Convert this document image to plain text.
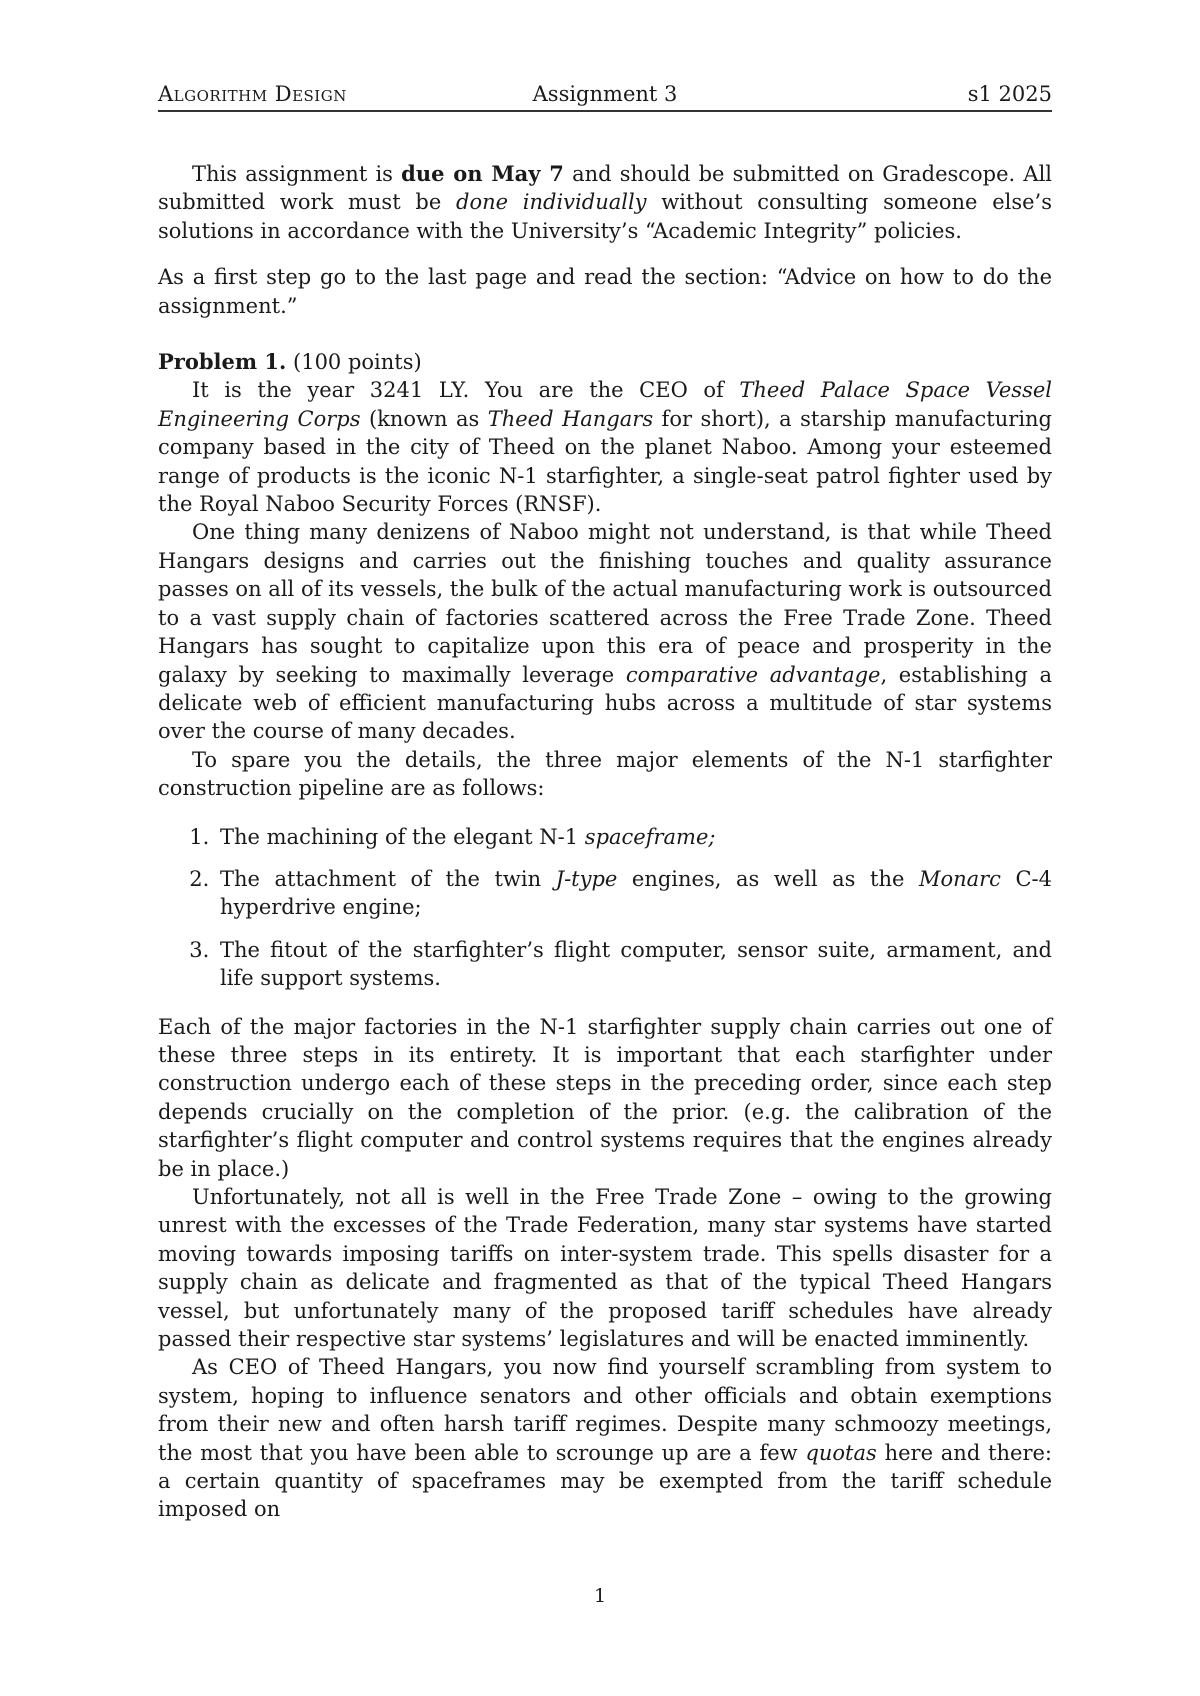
Algorithm Design	Assignment 3	s1 2025

This assignment is due on May 7 and should be submitted on Gradescope. All submitted work must be done individually without consulting someone else’s solutions in accordance with the University’s “Academic Integrity” policies.

As a first step go to the last page and read the section: “Advice on how to do the assignment.”

Problem 1. (100 points)

It is the year 3241 LY. You are the CEO of Theed Palace Space Vessel Engineering Corps (known as Theed Hangars for short), a starship manufacturing company based in the city of Theed on the planet Naboo. Among your esteemed range of products is the iconic N-1 starfighter, a single-seat patrol fighter used by the Royal Naboo Security Forces (RNSF).

One thing many denizens of Naboo might not understand, is that while Theed Hangars designs and carries out the finishing touches and quality assurance passes on all of its vessels, the bulk of the actual manufacturing work is outsourced to a vast supply chain of factories scattered across the Free Trade Zone. Theed Hangars has sought to capitalize upon this era of peace and prosperity in the galaxy by seeking to maximally leverage comparative advantage, establishing a delicate web of efficient manufacturing hubs across a multitude of star systems over the course of many decades.

To spare you the details, the three major elements of the N-1 starfighter construction pipeline are as follows:

1. The machining of the elegant N-1 spaceframe;
2. The attachment of the twin J-type engines, as well as the Monarc C-4 hyperdrive engine;
3. The fitout of the starfighter’s flight computer, sensor suite, armament, and life support systems.

Each of the major factories in the N-1 starfighter supply chain carries out one of these three steps in its entirety. It is important that each starfighter under construction undergo each of these steps in the preceding order, since each step depends crucially on the completion of the prior. (e.g. the calibration of the starfighter’s flight computer and control systems requires that the engines already be in place.)

Unfortunately, not all is well in the Free Trade Zone – owing to the growing unrest with the excesses of the Trade Federation, many star systems have started moving towards imposing tariffs on inter-system trade. This spells disaster for a supply chain as delicate and fragmented as that of the typical Theed Hangars vessel, but unfortunately many of the proposed tariff schedules have already passed their respective star systems’ legislatures and will be enacted imminently.

As CEO of Theed Hangars, you now find yourself scrambling from system to system, hoping to influence senators and other officials and obtain exemptions from their new and often harsh tariff regimes. Despite many schmoozy meetings, the most that you have been able to scrounge up are a few quotas here and there: a certain quantity of spaceframes may be exempted from the tariff schedule imposed on

1
